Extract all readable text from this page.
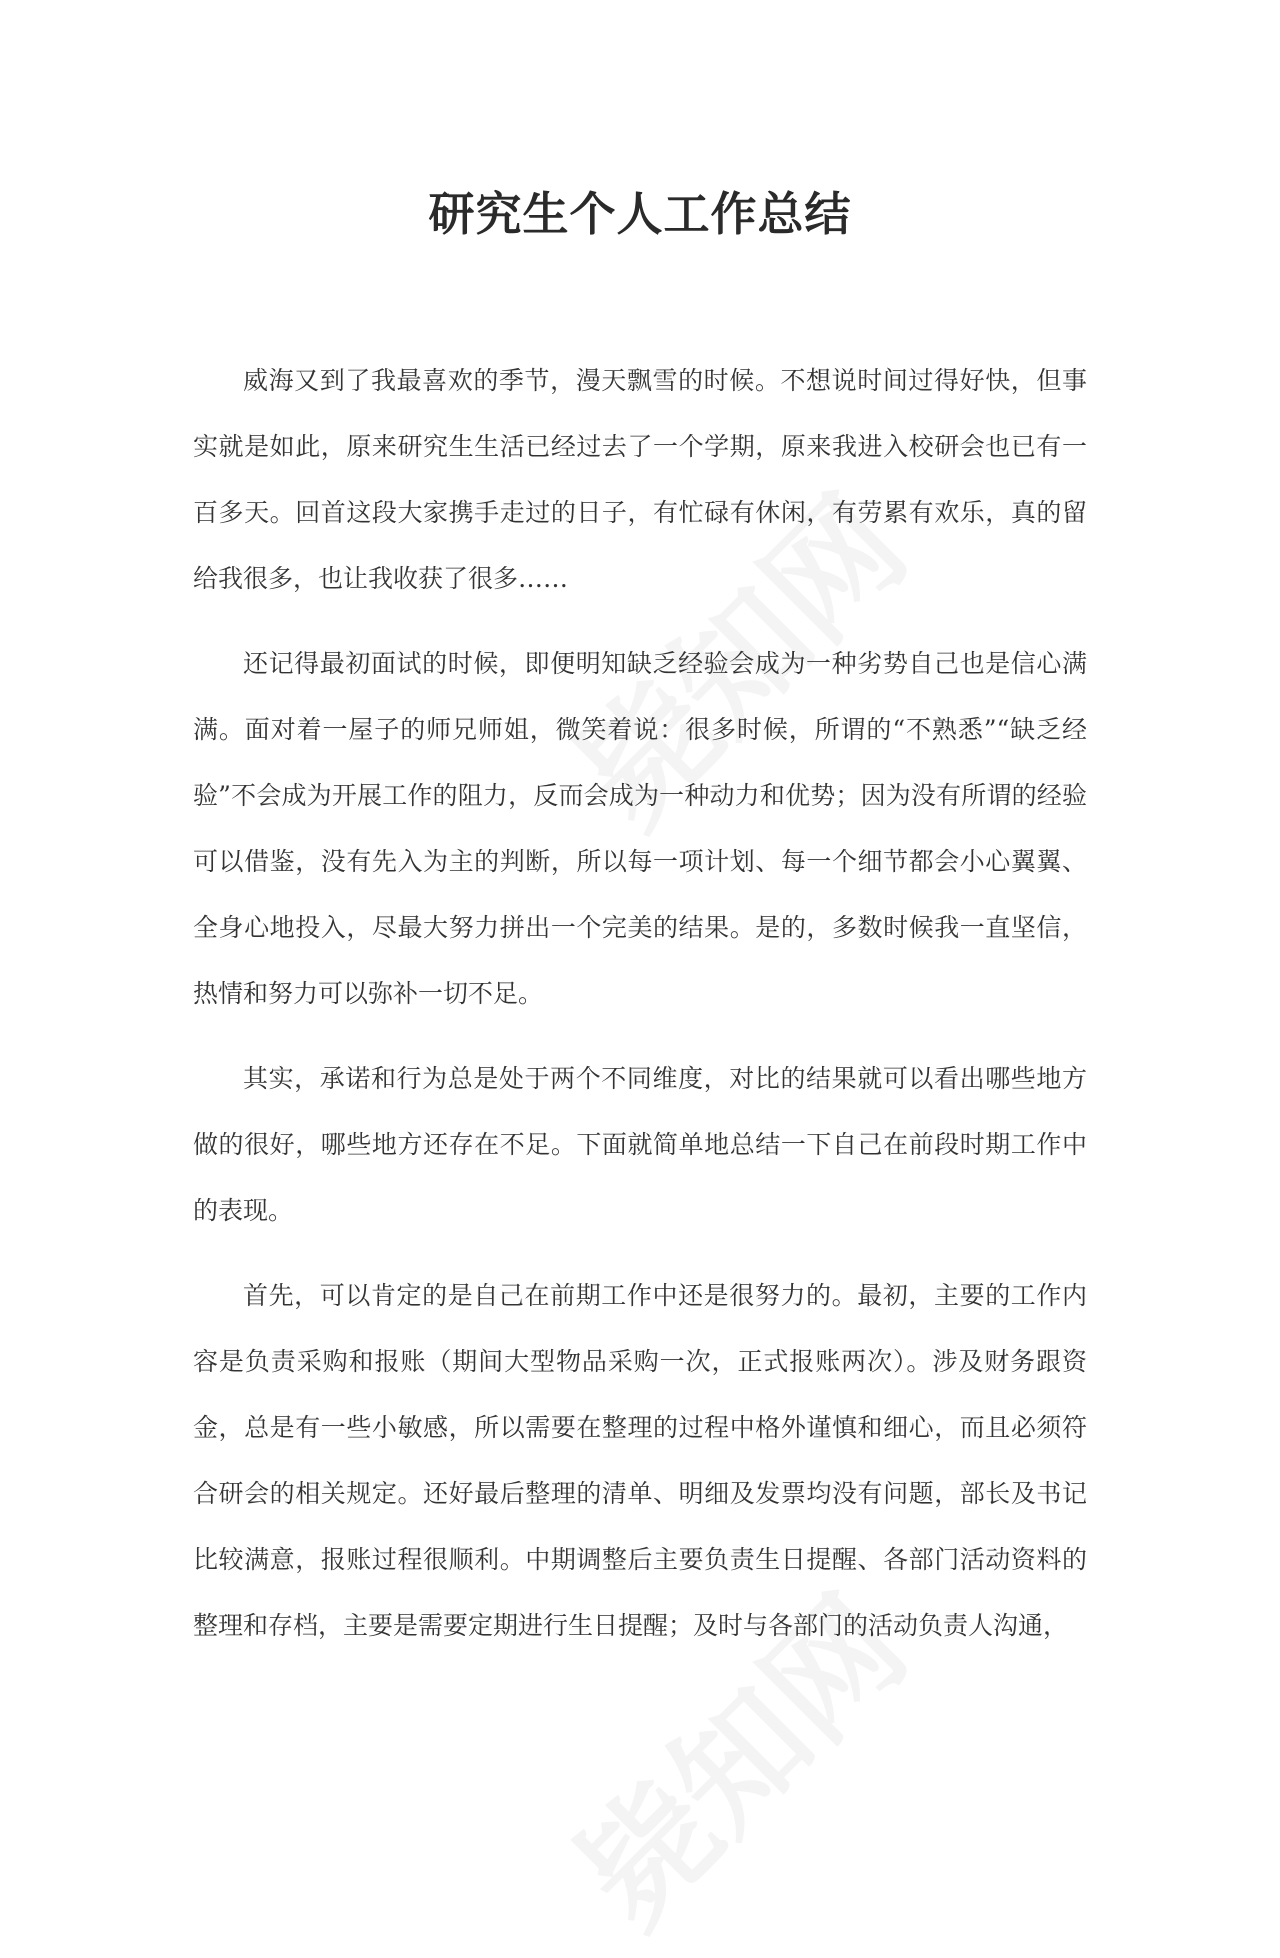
研究生个人工作总结

威海又到了我最喜欢的季节，漫天飘雪的时候。不想说时间过得好快，但事实就是如此，原来研究生生活已经过去了一个学期，原来我进入校研会也已有一百多天。回首这段大家携手走过的日子，有忙碌有休闲，有劳累有欢乐，真的留给我很多，也让我收获了很多……

还记得最初面试的时候，即便明知缺乏经验会成为一种劣势自己也是信心满满。面对着一屋子的师兄师姐，微笑着说：很多时候，所谓的“不熟悉”“缺乏经验”不会成为开展工作的阻力，反而会成为一种动力和优势；因为没有所谓的经验可以借鉴，没有先入为主的判断，所以每一项计划、每一个细节都会小心翼翼、全身心地投入，尽最大努力拼出一个完美的结果。是的，多数时候我一直坚信，热情和努力可以弥补一切不足。

其实，承诺和行为总是处于两个不同维度，对比的结果就可以看出哪些地方做的很好，哪些地方还存在不足。下面就简单地总结一下自己在前段时期工作中的表现。

首先，可以肯定的是自己在前期工作中还是很努力的。最初，主要的工作内容是负责采购和报账（期间大型物品采购一次，正式报账两次）。涉及财务跟资金，总是有一些小敏感，所以需要在整理的过程中格外谨慎和细心，而且必须符合研会的相关规定。还好最后整理的清单、明细及发票均没有问题，部长及书记比较满意，报账过程很顺利。中期调整后主要负责生日提醒、各部门活动资料的整理和存档，主要是需要定期进行生日提醒；及时与各部门的活动负责人沟通，
